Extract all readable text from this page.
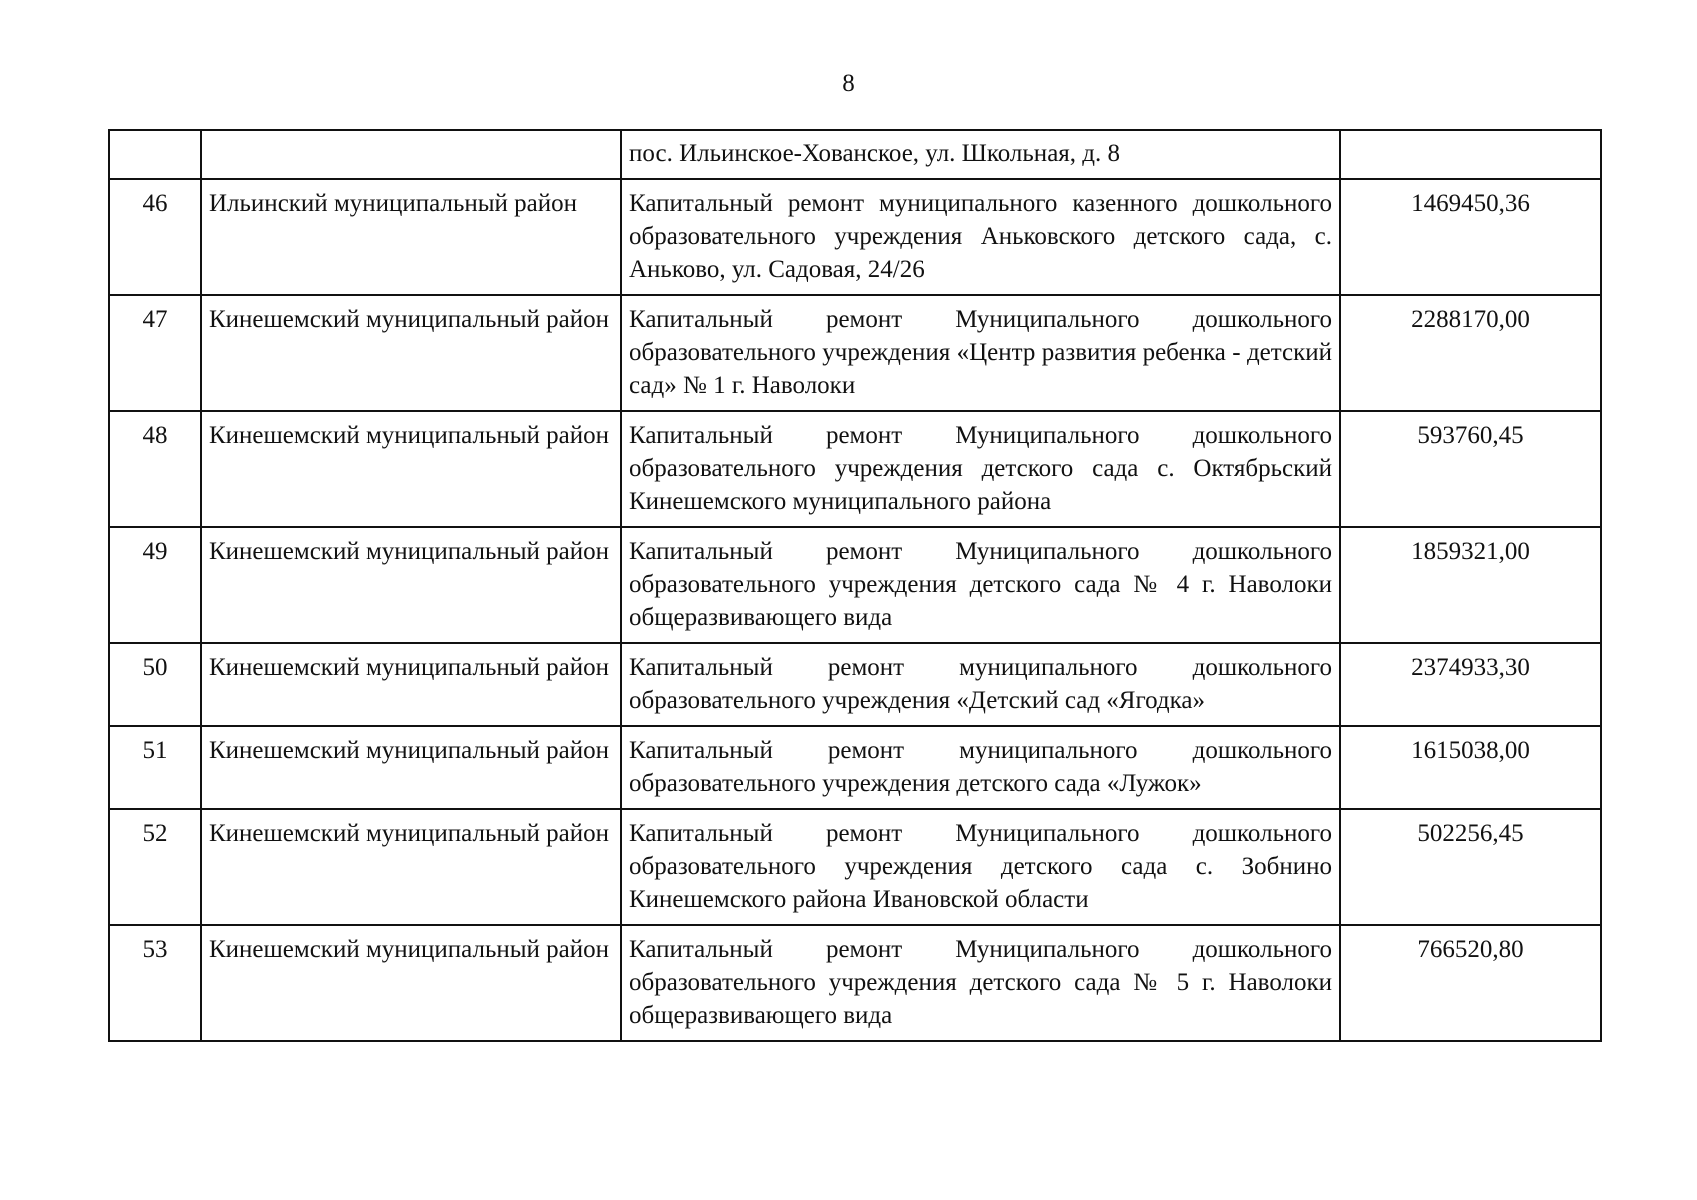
8
		пос. Ильинское-Хованское, ул. Школьная, д. 8	
46	Ильинский муниципальный район	Капитальный ремонт муниципального казенного дошкольного образовательного учреждения Аньковского детского сада, с. Аньково, ул. Садовая, 24/26	1469450,36
47	Кинешемский муниципальный район	Капитальный ремонт Муниципального дошкольного образовательного учреждения «Центр развития ребенка - детский сад» № 1 г. Наволоки	2288170,00
48	Кинешемский муниципальный район	Капитальный ремонт Муниципального дошкольного образовательного учреждения детского сада с. Октябрьский Кинешемского муниципального района	593760,45
49	Кинешемский муниципальный район	Капитальный ремонт Муниципального дошкольного образовательного учреждения детского сада № 4 г. Наволоки общеразвивающего вида	1859321,00
50	Кинешемский муниципальный район	Капитальный ремонт муниципального дошкольного образовательного учреждения «Детский сад «Ягодка»	2374933,30
51	Кинешемский муниципальный район	Капитальный ремонт муниципального дошкольного образовательного учреждения детского сада «Лужок»	1615038,00
52	Кинешемский муниципальный район	Капитальный ремонт Муниципального дошкольного образовательного учреждения детского сада с. Зобнино Кинешемского района Ивановской области	502256,45
53	Кинешемский муниципальный район	Капитальный ремонт Муниципального дошкольного образовательного учреждения детского сада № 5 г. Наволоки общеразвивающего вида	766520,80
